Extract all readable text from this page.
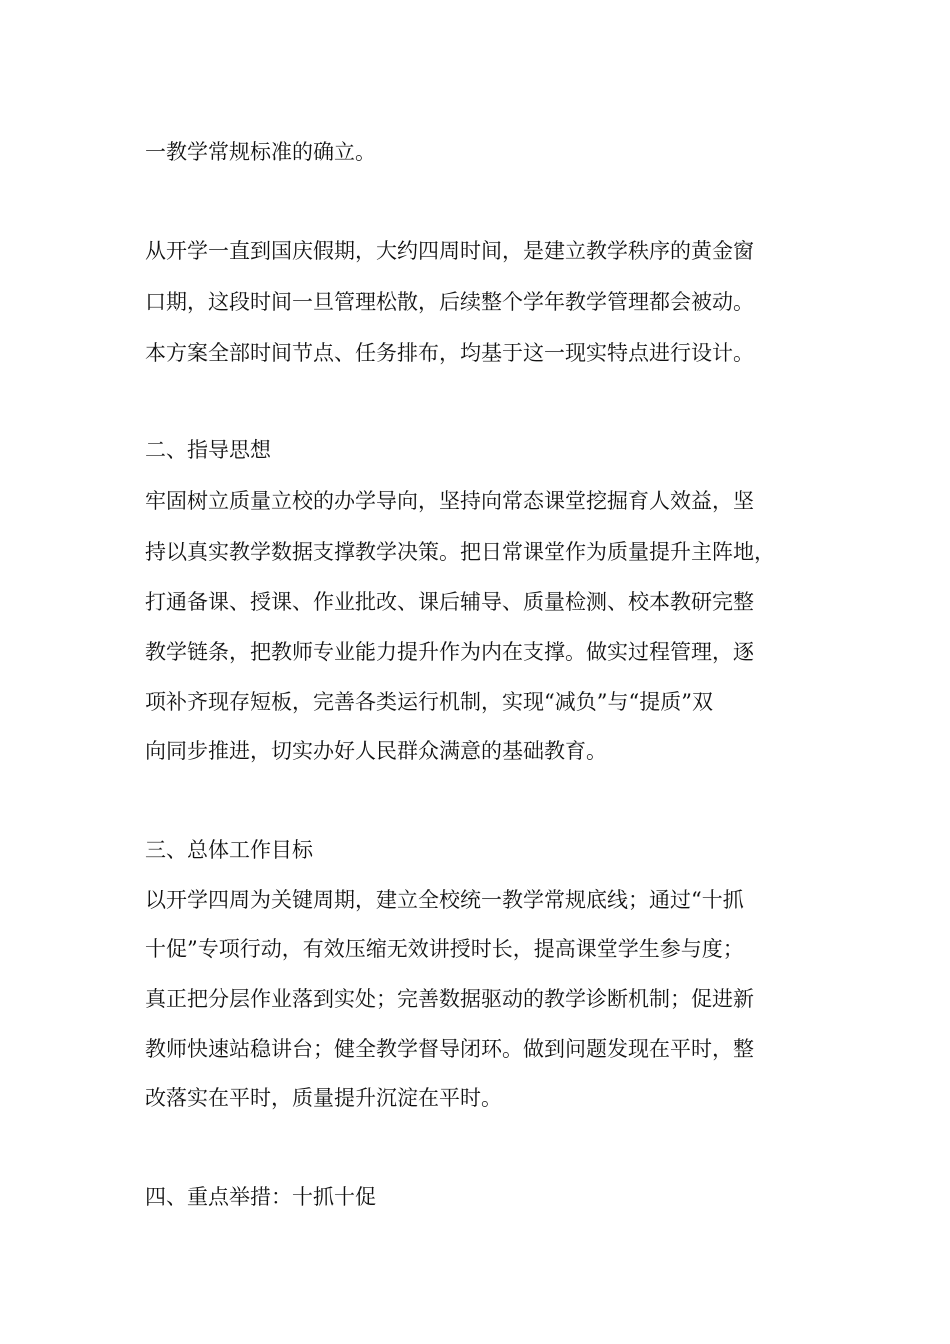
一教学常规标准的确立。

从开学一直到国庆假期，大约四周时间，是建立教学秩序的黄金窗

口期，这段时间一旦管理松散，后续整个学年教学管理都会被动。

本方案全部时间节点、任务排布，均基于这一现实特点进行设计。

二、指导思想

牢固树立质量立校的办学导向，坚持向常态课堂挖掘育人效益，坚

持以真实教学数据支撑教学决策。把日常课堂作为质量提升主阵地，

打通备课、授课、作业批改、课后辅导、质量检测、校本教研完整

教学链条，把教师专业能力提升作为内在支撑。做实过程管理，逐

项补齐现存短板，完善各类运行机制，实现“减负”与“提质”双

向同步推进，切实办好人民群众满意的基础教育。

三、总体工作目标

以开学四周为关键周期，建立全校统一教学常规底线；通过“十抓

十促”专项行动，有效压缩无效讲授时长，提高课堂学生参与度；

真正把分层作业落到实处；完善数据驱动的教学诊断机制；促进新

教师快速站稳讲台；健全教学督导闭环。做到问题发现在平时，整

改落实在平时，质量提升沉淀在平时。

四、重点举措：十抓十促
